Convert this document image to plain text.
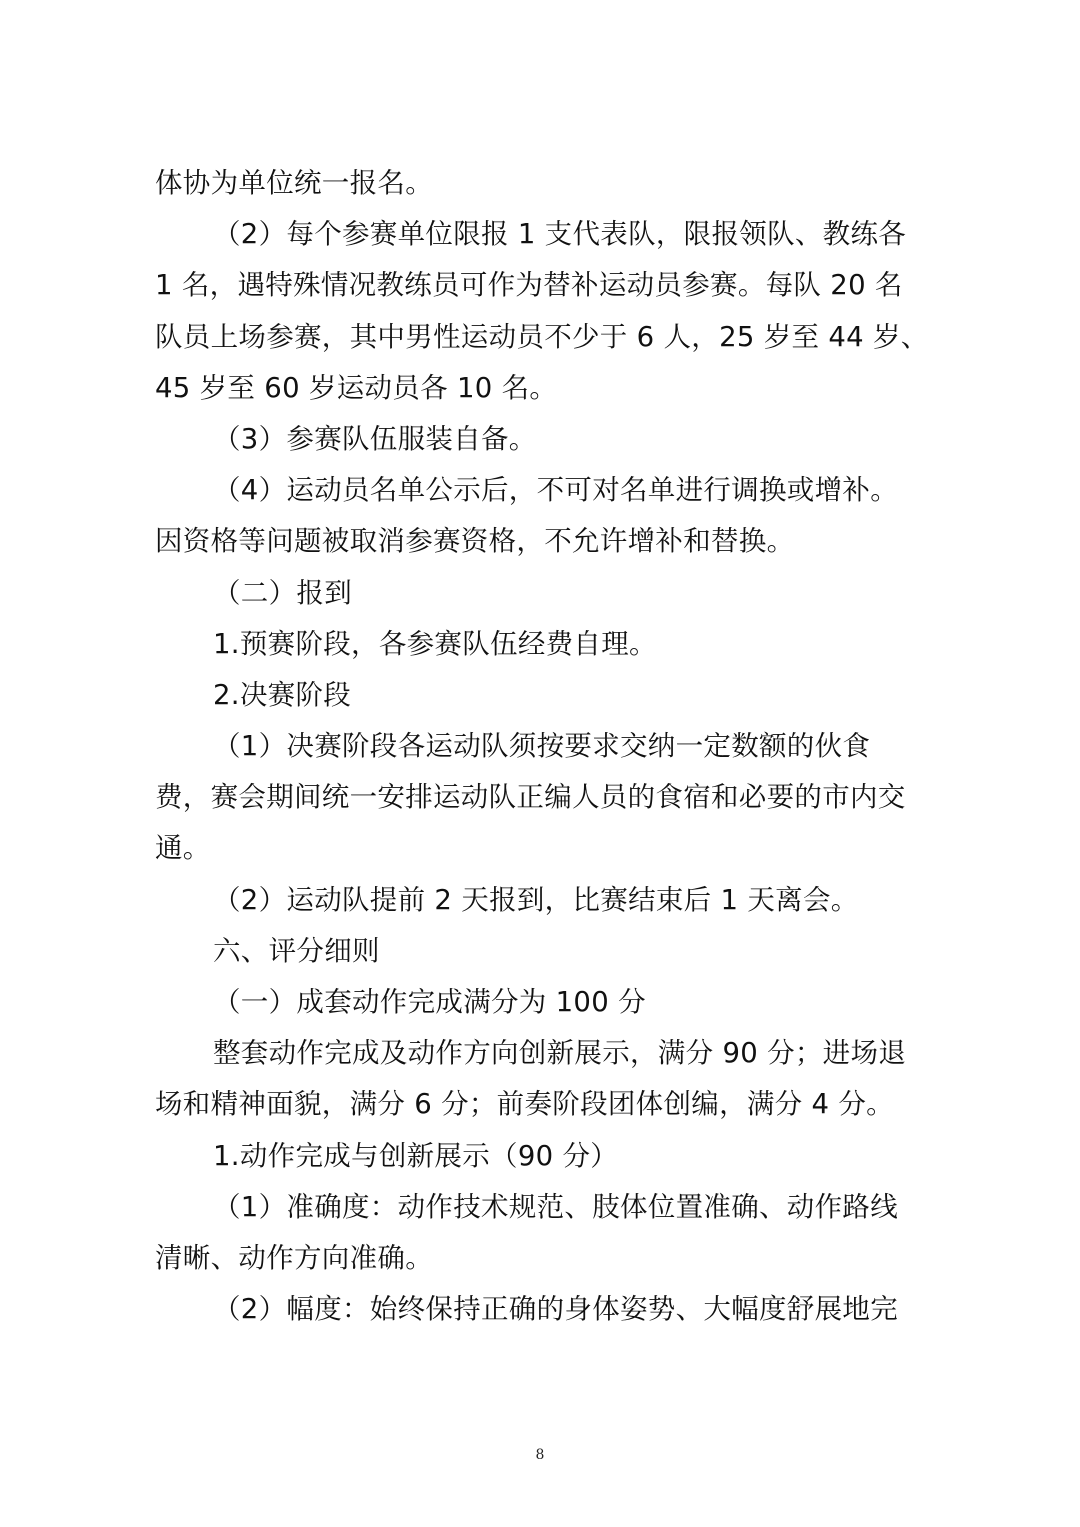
体协为单位统一报名。
（2）每个参赛单位限报 1 支代表队，限报领队、教练各
1 名，遇特殊情况教练员可作为替补运动员参赛。每队 20 名
队员上场参赛，其中男性运动员不少于 6 人，25 岁至 44 岁、
45 岁至 60 岁运动员各 10 名。
（3）参赛队伍服装自备。
（4）运动员名单公示后，不可对名单进行调换或增补。
因资格等问题被取消参赛资格，不允许增补和替换。
（二）报到
1.预赛阶段，各参赛队伍经费自理。
2.决赛阶段
（1）决赛阶段各运动队须按要求交纳一定数额的伙食
费，赛会期间统一安排运动队正编人员的食宿和必要的市内交
通。
（2）运动队提前 2 天报到，比赛结束后 1 天离会。
六、评分细则
（一）成套动作完成满分为 100 分
整套动作完成及动作方向创新展示，满分 90 分；进场退
场和精神面貌，满分 6 分；前奏阶段团体创编，满分 4 分。
1.动作完成与创新展示（90 分）
（1）准确度：动作技术规范、肢体位置准确、动作路线
清晰、动作方向准确。
（2）幅度：始终保持正确的身体姿势、大幅度舒展地完
8
